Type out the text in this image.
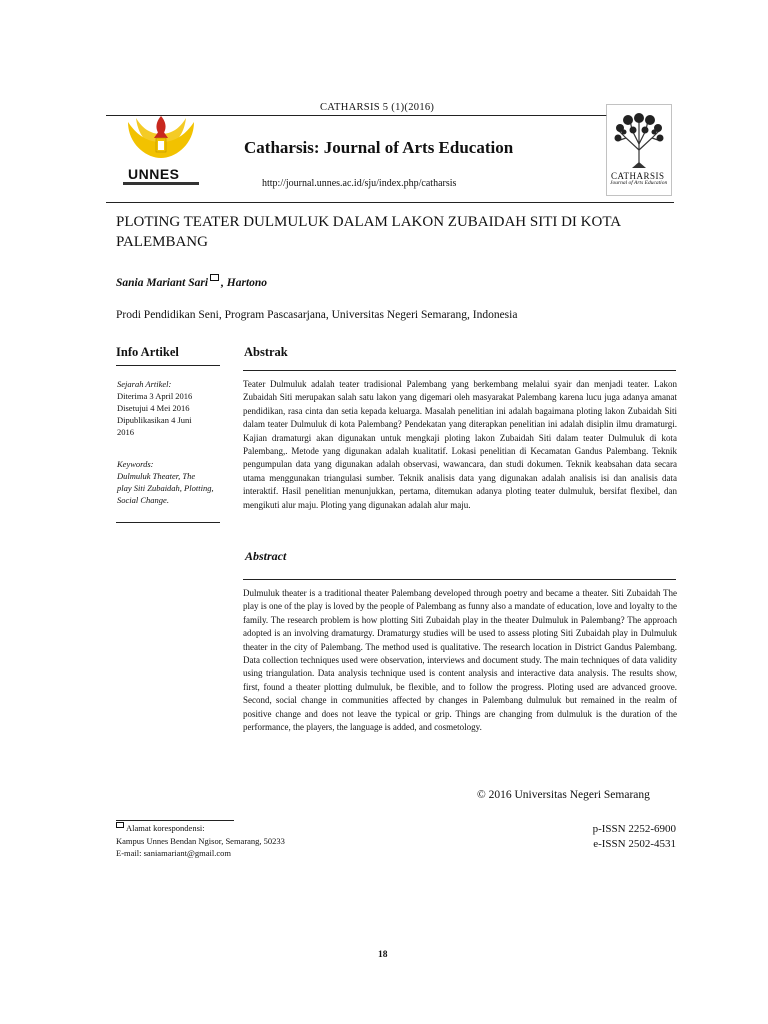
CATHARSIS 5 (1)(2016)
UNNES
Catharsis: Journal of Arts Education
http://journal.unnes.ac.id/sju/index.php/catharsis
CATHARSIS
Journal of Arts Education
PLOTING TEATER DULMULUK DALAM LAKON ZUBAIDAH SITI DI KOTA PALEMBANG
Sania Mariant Sari , Hartono
Prodi Pendidikan Seni, Program Pascasarjana, Universitas Negeri Semarang, Indonesia
Info Artikel
Sejarah Artikel:
Diterima 3 April 2016
Disetujui 4 Mei 2016
Dipublikasikan 4 Juni
2016
Keywords:
Dulmuluk Theater, The
play Siti Zubaidah, Plotting,
Social Change.
Abstrak
Teater Dulmuluk adalah teater tradisional Palembang yang berkembang melalui syair dan menjadi teater. Lakon Zubaidah Siti merupakan salah satu lakon yang digemari oleh masyarakat Palembang karena lucu juga adanya amanat pendidikan, rasa cinta dan setia kepada keluarga. Masalah penelitian ini adalah bagaimana ploting lakon Zubaidah Siti dalam teater Dulmuluk di kota Palembang? Pendekatan yang diterapkan penelitian ini adalah disiplin ilmu dramaturgi. Kajian dramaturgi akan digunakan untuk mengkaji ploting lakon Zubaidah Siti dalam teater Dulmuluk di kota Palembang,. Metode yang digunakan adalah kualitatif. Lokasi penelitian di Kecamatan Gandus Palembang. Teknik pengumpulan data yang digunakan adalah observasi, wawancara, dan studi dokumen. Teknik keabsahan data secara utama menggunakan triangulasi sumber. Teknik analisis data yang digunakan adalah analisis isi dan analisis data interaktif. Hasil penelitian menunjukkan, pertama, ditemukan adanya ploting teater dulmuluk, bersifat flexibel, dan mengikuti alur maju. Ploting yang digunakan adalah alur maju.
Abstract
Dulmuluk theater is a traditional theater Palembang developed through poetry and became a theater. Siti Zubaidah The play is one of the play is loved by the people of Palembang as funny also a mandate of education, love and loyalty to the family. The research problem is how plotting Siti Zubaidah play in the theater Dulmuluk in Palembang? The approach adopted is an involving dramaturgy. Dramaturgy studies will be used to assess ploting Siti Zubaidah play in Dulmuluk theater in the city of Palembang. The method used is qualitative. The research location in District Gandus Palembang. Data collection techniques used were observation, interviews and document study. The main techniques of data validity using triangulation. Data analysis technique used is content analysis and interactive data analysis. The results show, first, found a theater plotting dulmuluk, be flexible, and to follow the progress. Ploting used are advanced groove. Second, social change in communities affected by changes in Palembang dulmuluk but remained in the realm of positive change and does not leave the typical or grip. Things are changing from dulmuluk is the duration of the performance, the players, the language is added, and cosmetology.
© 2016 Universitas Negeri Semarang
Alamat korespondensi:
Kampus Unnes Bendan Ngisor, Semarang, 50233
E-mail: saniamariant@gmail.com
p-ISSN 2252-6900
e-ISSN 2502-4531
18
